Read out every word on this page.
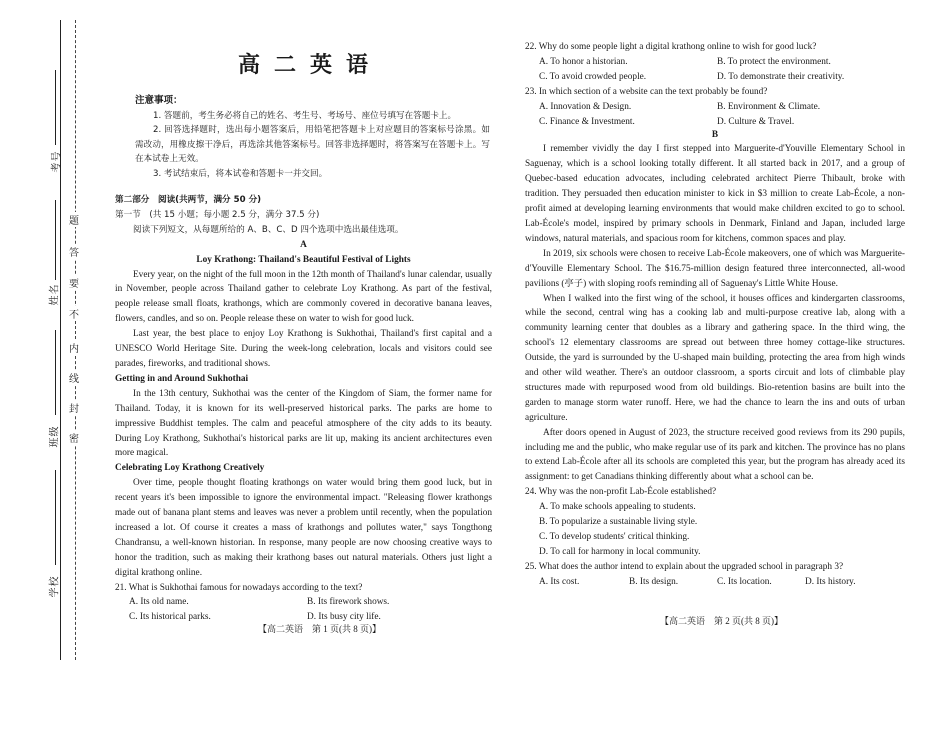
考号
姓名
班级
学校
题
答
要
不
内
线
封
密
高二英语

注意事项：

1. 答题前，考生务必将自己的姓名、考生号、考场号、座位号填写在答题卡上。

2. 回答选择题时，选出每小题答案后，用铅笔把答题卡上对应题目的答案标号涂黑。如需改动，用橡皮擦干净后，再选涂其他答案标号。回答非选择题时，将答案写在答题卡上。写在本试卷上无效。

3. 考试结束后，将本试卷和答题卡一并交回。

第二部分　阅读(共两节，满分 50 分)

第一节　(共 15 小题；每小题 2.5 分，满分 37.5 分)

阅读下列短文，从每题所给的 A、B、C、D 四个选项中选出最佳选项。

A

Loy Krathong: Thailand's Beautiful Festival of Lights

Every year, on the night of the full moon in the 12th month of Thailand's lunar calendar, usually in November, people across Thailand gather to celebrate Loy Krathong. As part of the festival, people release small floats, krathongs, which are commonly covered in decorative banana leaves, flowers, candles, and so on. People release these on water to wish for good luck.

Last year, the best place to enjoy Loy Krathong is Sukhothai, Thailand's first capital and a UNESCO World Heritage Site. During the week-long celebration, locals and visitors could see parades, fireworks, and traditional shows.

Getting in and Around Sukhothai

In the 13th century, Sukhothai was the center of the Kingdom of Siam, the former name for Thailand. Today, it is known for its well-preserved historical parks. The parks are home to impressive Buddhist temples. The calm and peaceful atmosphere of the city adds to its beauty. During Loy Krathong, Sukhothai's historical parks are lit up, making its ancient architectures even more magical.

Celebrating Loy Krathong Creatively

Over time, people thought floating krathongs on water would bring them good luck, but in recent years it's been impossible to ignore the environmental impact. "Releasing flower krathongs made out of banana plant stems and leaves was never a problem until recently, when the population increased a lot. Of course it creates a mass of krathongs and pollutes water," says Tongthong Chandransu, a well-known historian. In response, many people are now choosing creative ways to honor the tradition, such as making their krathong bases out natural materials. Others just light a digital krathong online.

21. What is Sukhothai famous for nowadays according to the text?

A. Its old name.	B. Its firework shows.
C. Its historical parks.	D. Its busy city life.
【高二英语　第 1 页(共 8 页)】

22. Why do some people light a digital krathong online to wish for good luck?

A. To honor a historian.	B. To protect the environment.
C. To avoid crowded people.	D. To demonstrate their creativity.

23. In which section of a website can the text probably be found?

A. Innovation & Design.	B. Environment & Climate.
C. Finance & Investment.	D. Culture & Travel.

B

I remember vividly the day I first stepped into Marguerite-d'Youville Elementary School in Saguenay, which is a school looking totally different. It all started back in 2017, and a group of Quebec-based education advocates, including celebrated architect Pierre Thibault, broke with tradition. They persuaded then education minister to kick in $3 million to create Lab-École, a non-profit aimed at developing learning environments that would make children excited to go to school. Lab-École's model, inspired by primary schools in Denmark, Finland and Japan, included large windows, natural materials, and spacious room for kitchens, common spaces and play.

In 2019, six schools were chosen to receive Lab-École makeovers, one of which was Marguerite-d'Youville Elementary School. The $16.75-million design featured three interconnected, all-wood pavilions (亭子) with sloping roofs reminding all of Saguenay's Little White House.

When I walked into the first wing of the school, it houses offices and kindergarten classrooms, while the second, central wing has a cooking lab and multi-purpose creative lab, along with a community learning center that doubles as a library and gathering space. In the third wing, the school's 12 elementary classrooms are spread out between three homey cottage-like structures. Outside, the yard is surrounded by the U-shaped main building, protecting the area from high winds and other wild weather. There's an outdoor classroom, a sports circuit and lots of climbable play structures made with repurposed wood from old buildings. Bio-retention basins are built into the garden to manage storm water runoff. Here, we had the chance to learn the ins and outs of urban agriculture.

After doors opened in August of 2023, the structure received good reviews from its 290 pupils, including me and the public, who make regular use of its park and kitchen. The province has no plans to extend Lab-École after all its schools are completed this year, but the program has already aced its assignment: to get Canadians thinking differently about what a school can be.

24. Why was the non-profit Lab-École established?

A. To make schools appealing to students.

B. To popularize a sustainable living style.

C. To develop students' critical thinking.

D. To call for harmony in local community.

25. What does the author intend to explain about the upgraded school in paragraph 3?

A. Its cost.	B. Its design.	C. Its location.	D. Its history.
【高二英语　第 2 页(共 8 页)】
